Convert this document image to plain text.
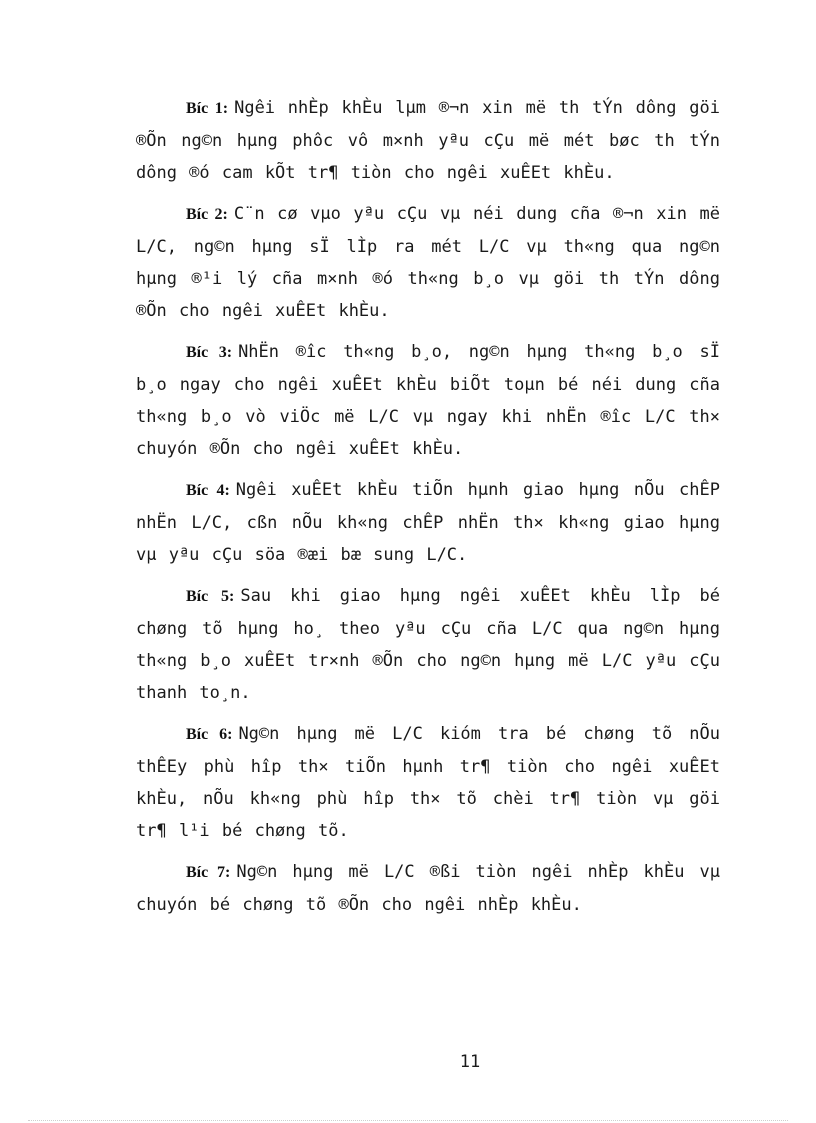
Bíc 1: Ngêi nhÈp khÈu lµm ®¬n xin më th tÝn dông göi ®Õn ng©n hµng phôc vô m×nh yªu cÇu më mét bøc th tÝn dông ®ó cam kÕt tr¶ tiòn cho ngêi xuÊEt khÈu.

Bíc 2: C¨n cø vµo yªu cÇu vµ néi dung cña ®¬n xin më L/C, ng©n hµng sÏ lÌp ra mét L/C vµ th«ng qua ng©n hµng ®¹i lý cña m×nh ®ó th«ng b¸o vµ göi th tÝn dông ®Õn cho ngêi xuÊEt khÈu.

Bíc 3: NhËn ®îc th«ng b¸o, ng©n hµng th«ng b¸o sÏ b¸o ngay cho ngêi xuÊEt khÈu biÕt toµn bé néi dung cña th«ng b¸o vò viÖc më L/C vµ ngay khi nhËn ®îc L/C th× chuyón ®Õn cho ngêi xuÊEt khÈu.

Bíc 4: Ngêi xuÊEt khÈu tiÕn hµnh giao hµng nÕu chÊP nhËn L/C, cßn nÕu kh«ng chÊP nhËn th× kh«ng giao hµng vµ yªu cÇu söa ®æi bæ sung L/C.

Bíc 5: Sau khi giao hµng ngêi xuÊEt khÈu lÌp bé chøng tõ hµng ho¸ theo yªu cÇu cña L/C qua ng©n hµng th«ng b¸o xuÊEt tr×nh ®Õn cho ng©n hµng më L/C yªu cÇu thanh to¸n.

Bíc 6: Ng©n hµng më L/C kióm tra bé chøng tõ nÕu thÊEy phù hîp th× tiÕn hµnh tr¶ tiòn cho ngêi xuÊEt khÈu, nÕu kh«ng phù hîp th× tõ chèi tr¶ tiòn vµ göi tr¶ l¹i bé chøng tõ.

Bíc 7: Ng©n hµng më L/C ®ßi tiòn ngêi nhÈp khÈu vµ chuyón bé chøng tõ ®Õn cho ngêi nhÈp khÈu.

11
